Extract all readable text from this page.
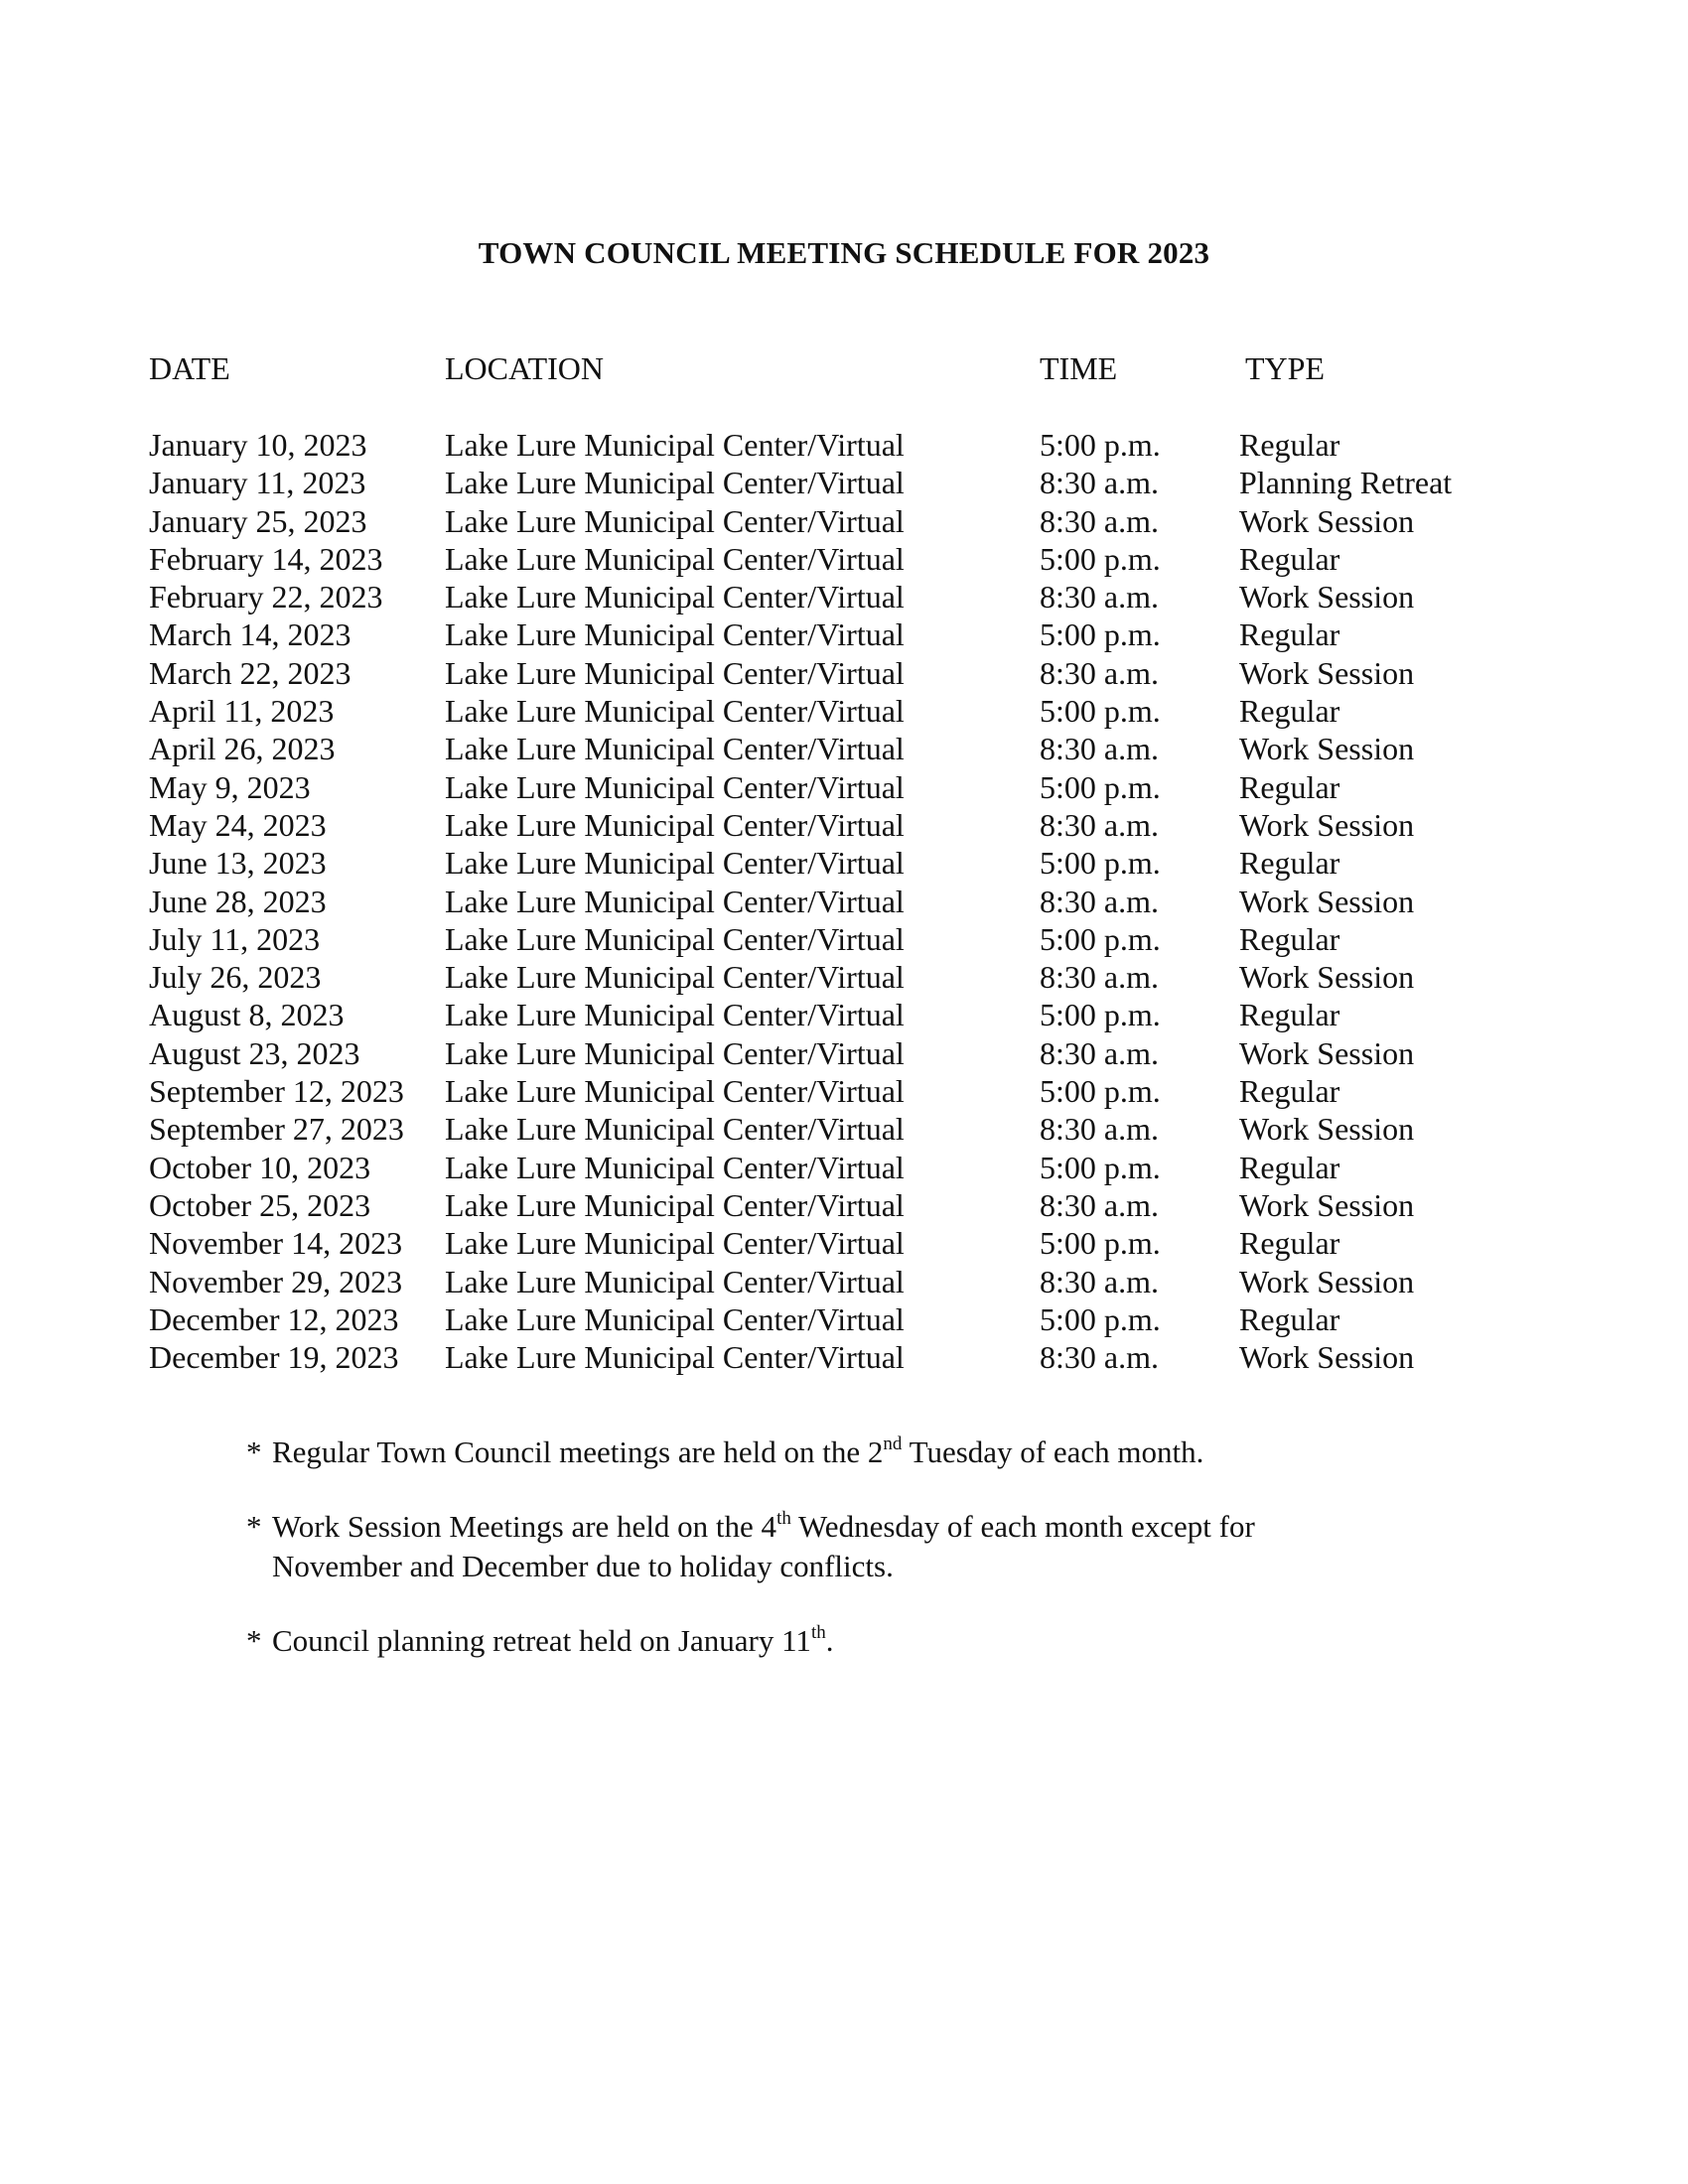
TOWN COUNCIL MEETING SCHEDULE FOR 2023
DATE	LOCATION	TIME	TYPE
January 10, 2023 Lake Lure Municipal Center/Virtual	5:00 p.m. Regular
January 11, 2023 Lake Lure Municipal Center/Virtual	8:30 a.m.	Planning Retreat
January 25, 2023 Lake Lure Municipal Center/Virtual	8:30 a.m.	Work Session
February 14, 2023 Lake Lure Municipal Center/Virtual	5:00 p.m. Regular
February 22, 2023 Lake Lure Municipal Center/Virtual	8:30 a.m.	Work Session
March 14, 2023	Lake Lure Municipal Center/Virtual	5:00 p.m. Regular
March 22, 2023	Lake Lure Municipal Center/Virtual	8:30 a.m.	Work Session
April 11, 2023	Lake Lure Municipal Center/Virtual	5:00 p.m. Regular
April 26, 2023	Lake Lure Municipal Center/Virtual	8:30 a.m.	Work Session
May 9, 2023	Lake Lure Municipal Center/Virtual	5:00 p.m. Regular
May 24, 2023	Lake Lure Municipal Center/Virtual	8:30 a.m.	Work Session
June 13, 2023	Lake Lure Municipal Center/Virtual	5:00 p.m. Regular
June 28, 2023	Lake Lure Municipal Center/Virtual	8:30 a.m.	Work Session
July 11, 2023	Lake Lure Municipal Center/Virtual	5:00 p.m. Regular
July 26, 2023	Lake Lure Municipal Center/Virtual	8:30 a.m.	Work Session
August 8, 2023	Lake Lure Municipal Center/Virtual	5:00 p.m. Regular
August 23, 2023	Lake Lure Municipal Center/Virtual	8:30 a.m.	Work Session
September 12, 2023 Lake Lure Municipal Center/Virtual	5:00 p.m. Regular
September 27, 2023 Lake Lure Municipal Center/Virtual	8:30 a.m.	Work Session
October 10, 2023 Lake Lure Municipal Center/Virtual	5:00 p.m. Regular
October 25, 2023 Lake Lure Municipal Center/Virtual	8:30 a.m.	Work Session
November 14, 2023 Lake Lure Municipal Center/Virtual	5:00 p.m. Regular
November 29, 2023 Lake Lure Municipal Center/Virtual	8:30 a.m.	Work Session
December 12, 2023 Lake Lure Municipal Center/Virtual	5:00 p.m. Regular
December 19, 2023 Lake Lure Municipal Center/Virtual	8:30 a.m.	Work Session
* Regular Town Council meetings are held on the 2nd Tuesday of each month.
* Work Session Meetings are held on the 4th Wednesday of each month except for
November and December due to holiday conflicts.
* Council planning retreat held on January 11th.
